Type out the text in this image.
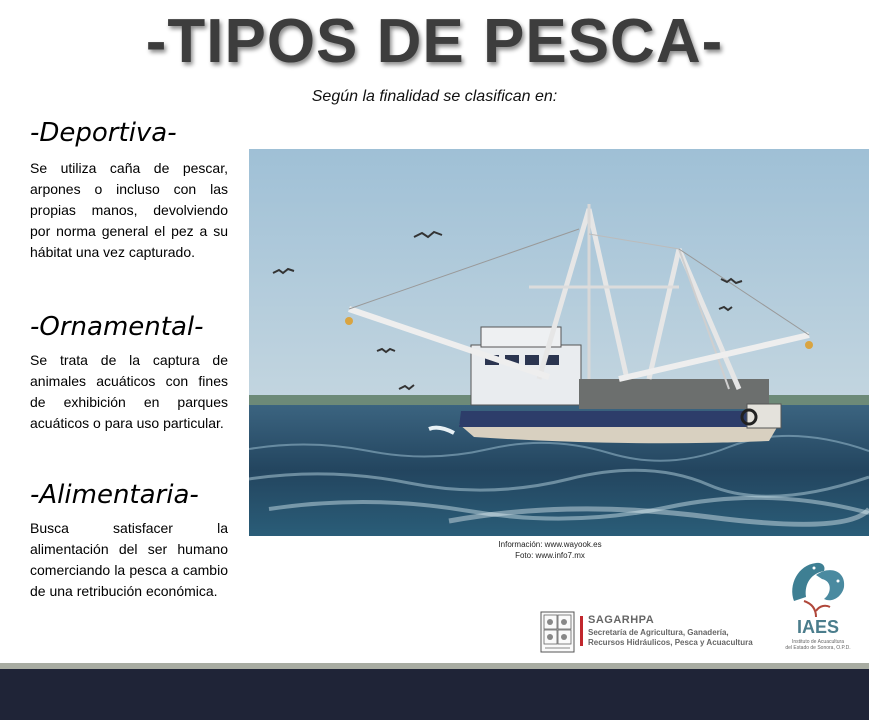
-TIPOS DE PESCA-
Según la finalidad se clasifican en:
-Deportiva-
Se utiliza caña de pescar, arpones o incluso con las propias manos, devolviendo por norma general el pez a su hábitat una vez capturado.
-Ornamental-
Se trata de la captura de animales acuáticos con fines de exhibición en parques acuáticos o para uso particular.
-Alimentaria-
Busca satisfacer la alimentación del ser humano comerciando la pesca a cambio de una retribución económica.
Información: www.wayook.es
Foto: www.info7.mx
SAGARHPA
Secretaría de Agricultura, Ganadería,
Recursos Hidráulicos, Pesca y Acuacultura
IAES
Instituto de Acuacultura
del Estado de Sonora, O.P.D.
